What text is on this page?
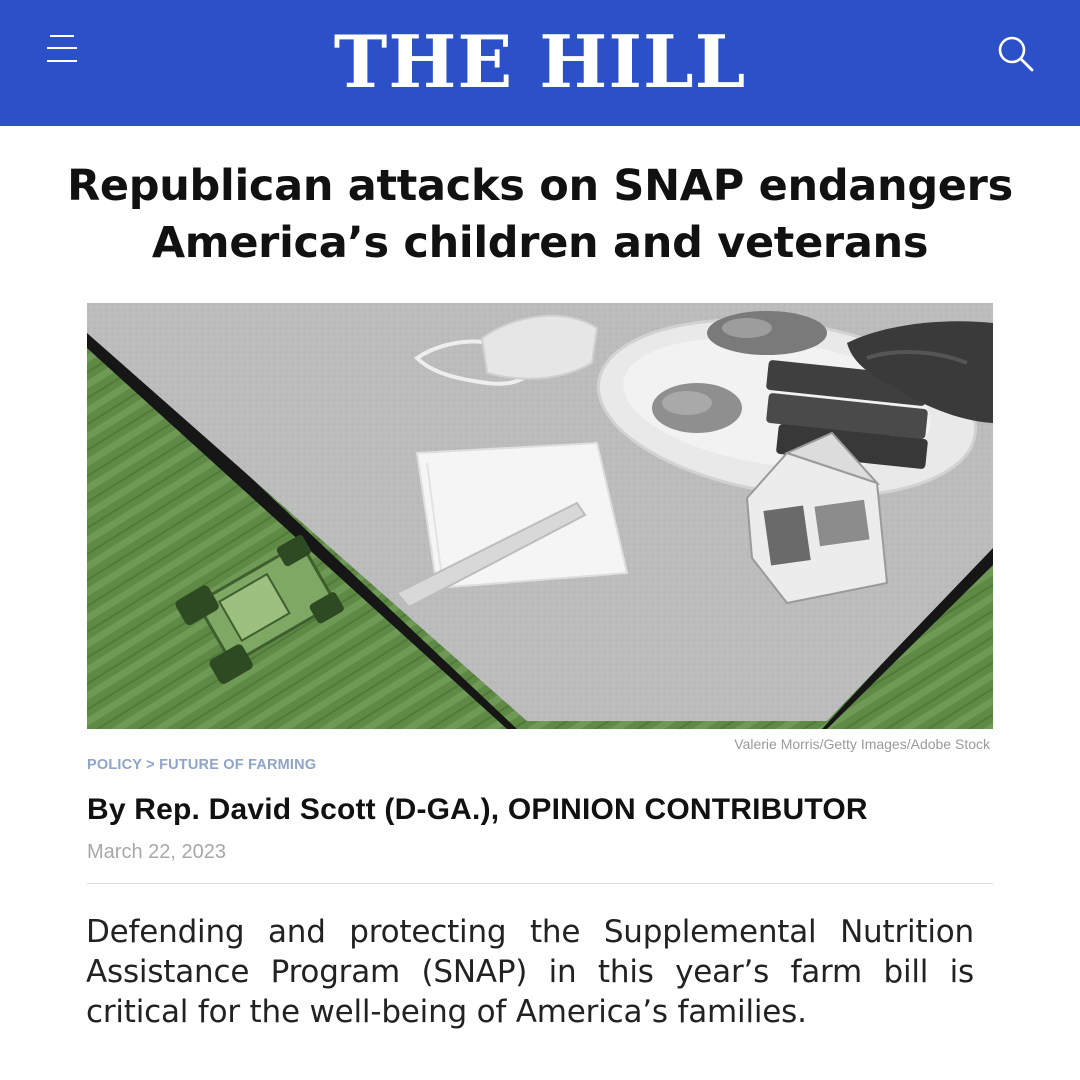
THE HILL
Republican attacks on SNAP endangers America’s children and veterans
Valerie Morris/Getty Images/Adobe Stock
POLICY > FUTURE OF FARMING
By Rep. David Scott (D-GA.), OPINION CONTRIBUTOR
March 22, 2023

Defending and protecting the Supplemental Nutrition Assistance Program (SNAP) in this year’s farm bill is critical for the well-being of America’s families.
